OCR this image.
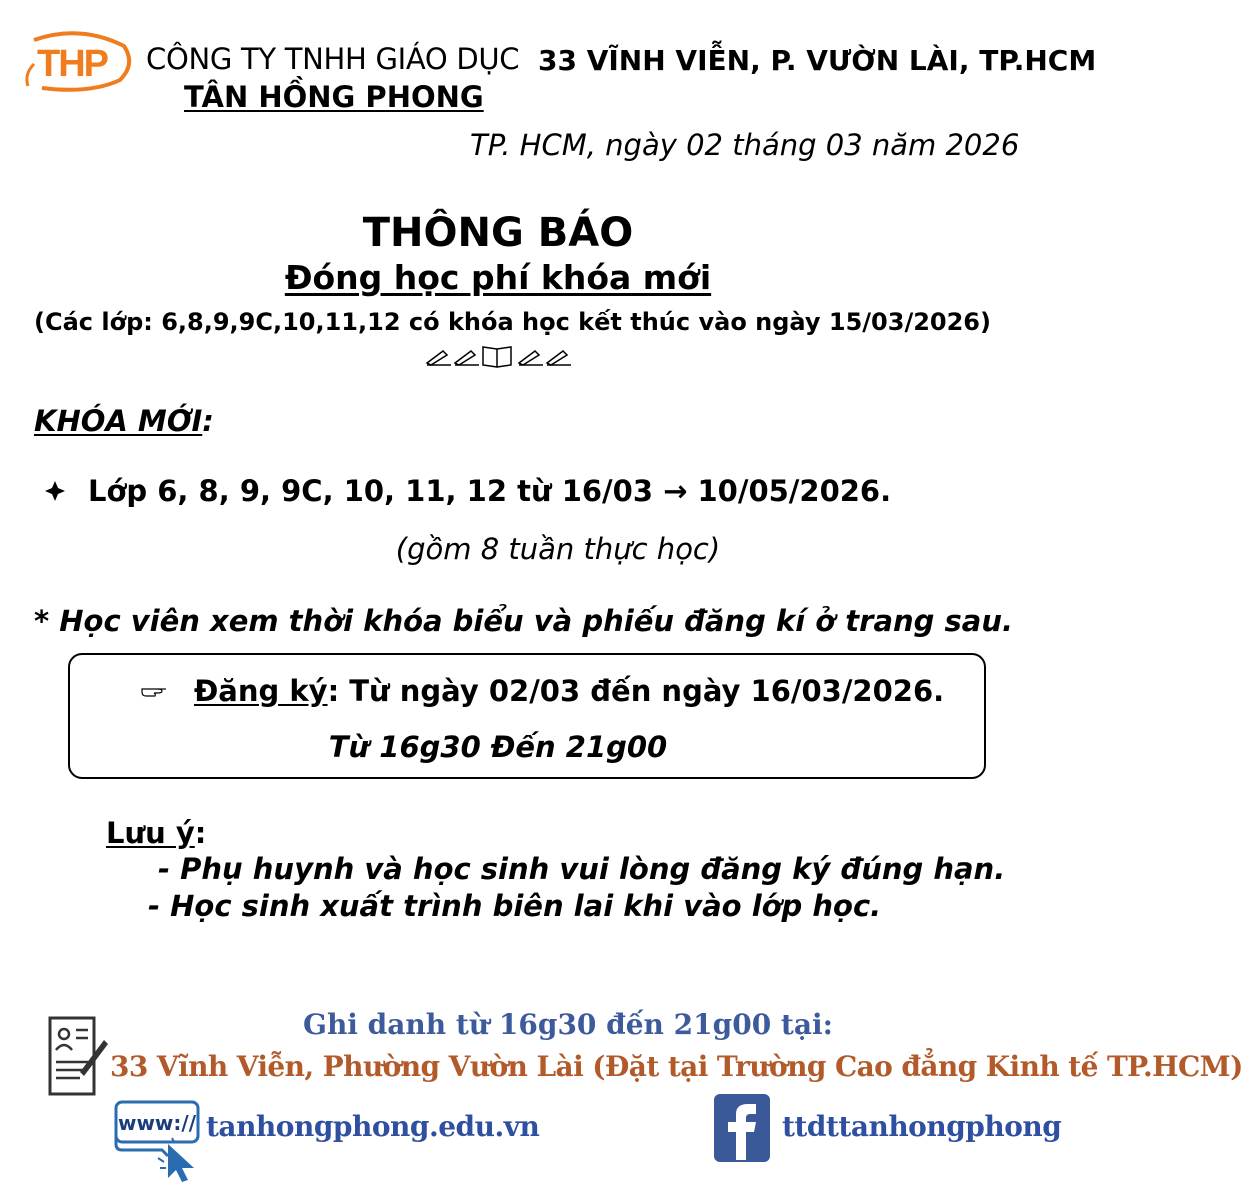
THP CÔNG TY TNHH GIÁO DỤC
TÂN HỒNG PHONG
33 VĨNH VIỄN, P. VƯỜN LÀI, TP.HCM
TP. HCM, ngày 02 tháng 03 năm 2026
THÔNG BÁO
Đóng học phí khóa mới
(Các lớp: 6,8,9,9C,10,11,12 có khóa học kết thúc vào ngày 15/03/2026)
KHÓA MỚI:
Lớp 6, 8, 9, 9C, 10, 11, 12 từ 16/03 → 10/05/2026.
(gồm 8 tuần thực học)
* Học viên xem thời khóa biểu và phiếu đăng kí ở trang sau.
Đăng ký : Từ ngày 02/03 đến ngày 16/03/2026.
Từ 16g30 Đến 21g00
Lưu ý:
- Phụ huynh và học sinh vui lòng đăng ký đúng hạn.
- Học sinh xuất trình biên lai khi vào lớp học.
Ghi danh từ 16g30 đến 21g00 tại:
33 Vĩnh Viễn, Phường Vườn Lài (Đặt tại Trường Cao đẳng Kinh tế TP.HCM)
www:// tanhongphong.edu.vn	ttdttanhongphong
